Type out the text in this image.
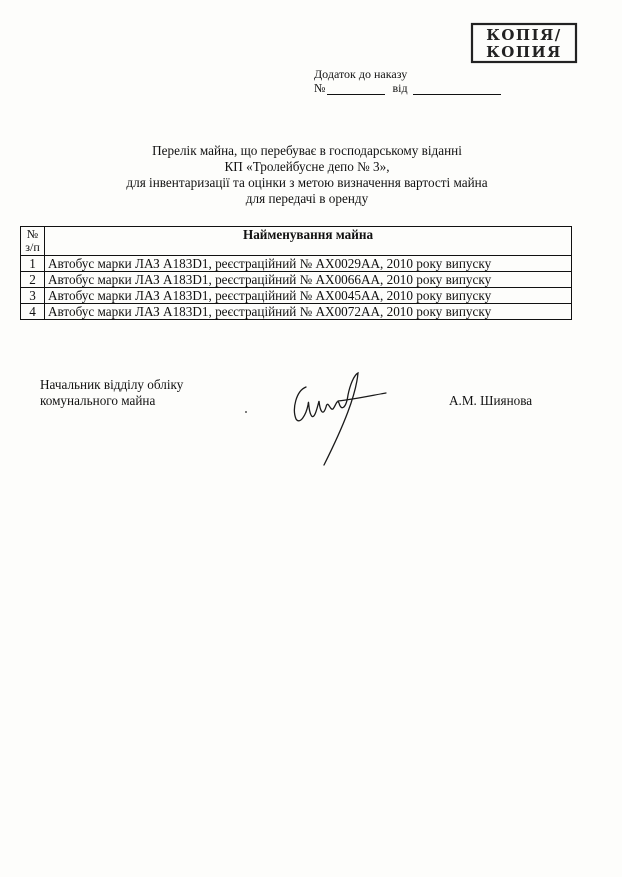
КОПІЯ/
КОПИЯ
Додаток до наказу
№	від
Перелік майна, що перебуває в господарському віданні
КП «Тролейбусне депо № 3»,
для інвентаризації та оцінки з метою визначення вартості майна
для передачі в оренду
№
з/п	Найменування майна
1	Автобус марки ЛАЗ А183D1, реєстраційний № АХ0029АА, 2010 року випуску
2	Автобус марки ЛАЗ А183D1, реєстраційний № АХ0066АА, 2010 року випуску
3	Автобус марки ЛАЗ А183D1, реєстраційний № АХ0045АА, 2010 року випуску
4	Автобус марки ЛАЗ А183D1, реєстраційний № АХ0072АА, 2010 року випуску
Начальник відділу обліку
комунального майна	А.М. Шиянова
